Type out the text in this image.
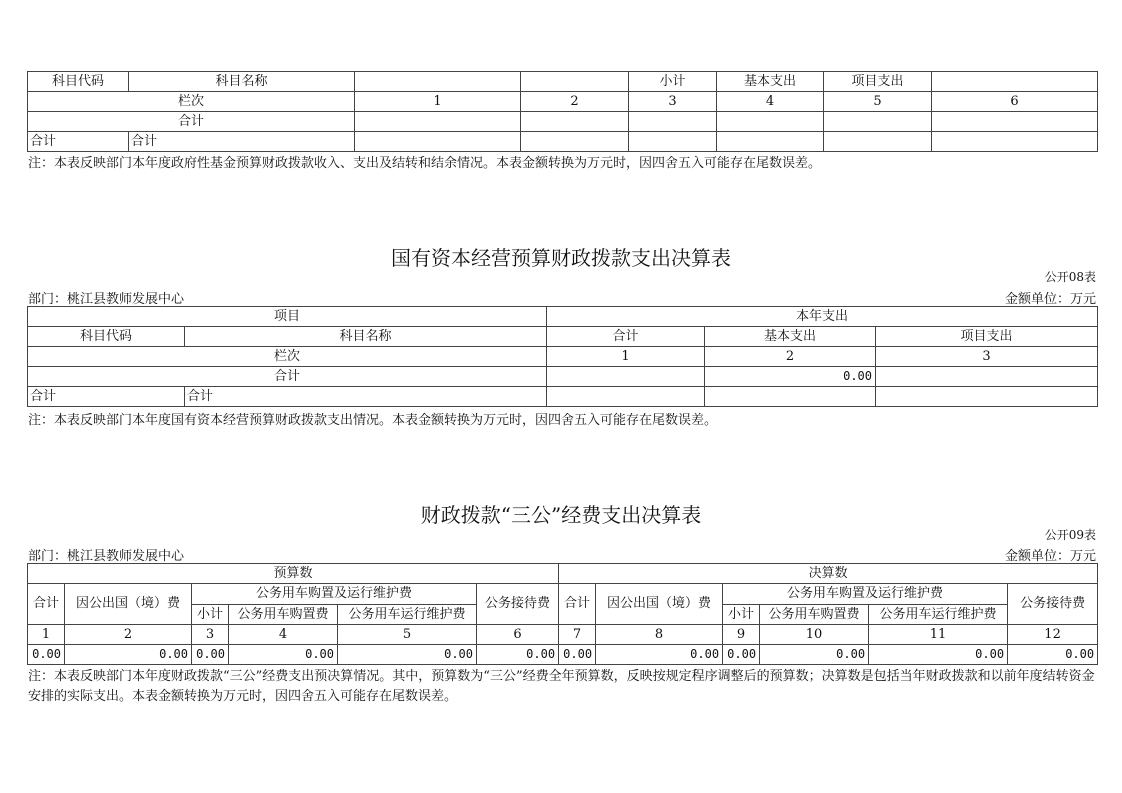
科目代码	科目名称			小计	基本支出	项目支出	
栏次		1	2	3	4	5	6
合计							
合计	合计						
注：本表反映部门本年度政府性基金预算财政拨款收入、支出及结转和结余情况。本表金额转换为万元时，因四舍五入可能存在尾数误差。
国有资本经营预算财政拨款支出决算表
公开08表
部门：桃江县教师发展中心	金额单位：万元
项目		本年支出		
科目代码	科目名称	合计	基本支出	项目支出
栏次		1	2	3
合计			0.00	
合计	合计			
注：本表反映部门本年度国有资本经营预算财政拨款支出情况。本表金额转换为万元时，因四舍五入可能存在尾数误差。
财政拨款“三公”经费支出决算表
公开09表
部门：桃江县教师发展中心	金额单位：万元
预算数						决算数					
合计	因公出国（境）费	公务用车购置及运行维护费			公务接待费	合计	因公出国（境）费	公务用车购置及运行维护费			公务接待费
		小计	公务用车购置费	公务用车运行维护费				小计	公务用车购置费	公务用车运行维护费	
1	2	3	4	5	6	7	8	9	10	11	12
0.00	0.00	0.00	0.00	0.00	0.00	0.00	0.00	0.00	0.00	0.00	0.00
注：本表反映部门本年度财政拨款“三公”经费支出预决算情况。其中，预算数为“三公”经费全年预算数，反映按规定程序调整后的预算数；决算数是包括当年财政拨款和以前年度结转资金安排的实际支出。本表金额转换为万元时，因四舍五入可能存在尾数误差。
